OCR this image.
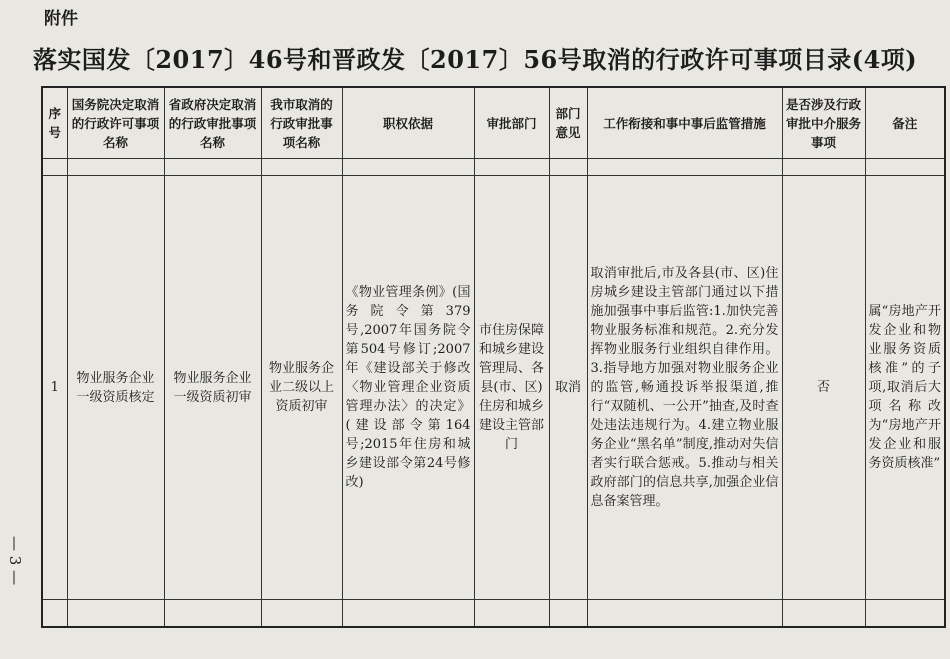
附件
落实国发〔2017〕46号和晋政发〔2017〕56号取消的行政许可事项目录(4项)
— 3 —
序号	国务院决定取消的行政许可事项名称	省政府决定取消的行政审批事项名称	我市取消的行政审批事项名称	职权依据	审批部门	部门意见	工作衔接和事中事后监管措施	是否涉及行政审批中介服务事项	备注

1	物业服务企业一级资质核定	物业服务企业一级资质初审	物业服务企业二级以上资质初审	《物业管理条例》(国务院令第379号,2007年国务院令第504号修订;2007年《建设部关于修改〈物业管理企业资质管理办法〉的决定》(建设部令第164号;2015年住房和城乡建设部令第24号修改)	市住房保障和城乡建设管理局、各县(市、区)住房和城乡建设主管部门	取消	取消审批后,市及各县(市、区)住房城乡建设主管部门通过以下措施加强事中事后监管:1.加快完善物业服务标准和规范。2.充分发挥物业服务行业组织自律作用。3.指导地方加强对物业服务企业的监管,畅通投诉举报渠道,推行“双随机、一公开”抽查,及时查处违法违规行为。4.建立物业服务企业“黑名单”制度,推动对失信者实行联合惩戒。5.推动与相关政府部门的信息共享,加强企业信息备案管理。	否	属“房地产开发企业和物业服务资质核准”的子项,取消后大项名称改为“房地产开发企业和服务资质核准”
